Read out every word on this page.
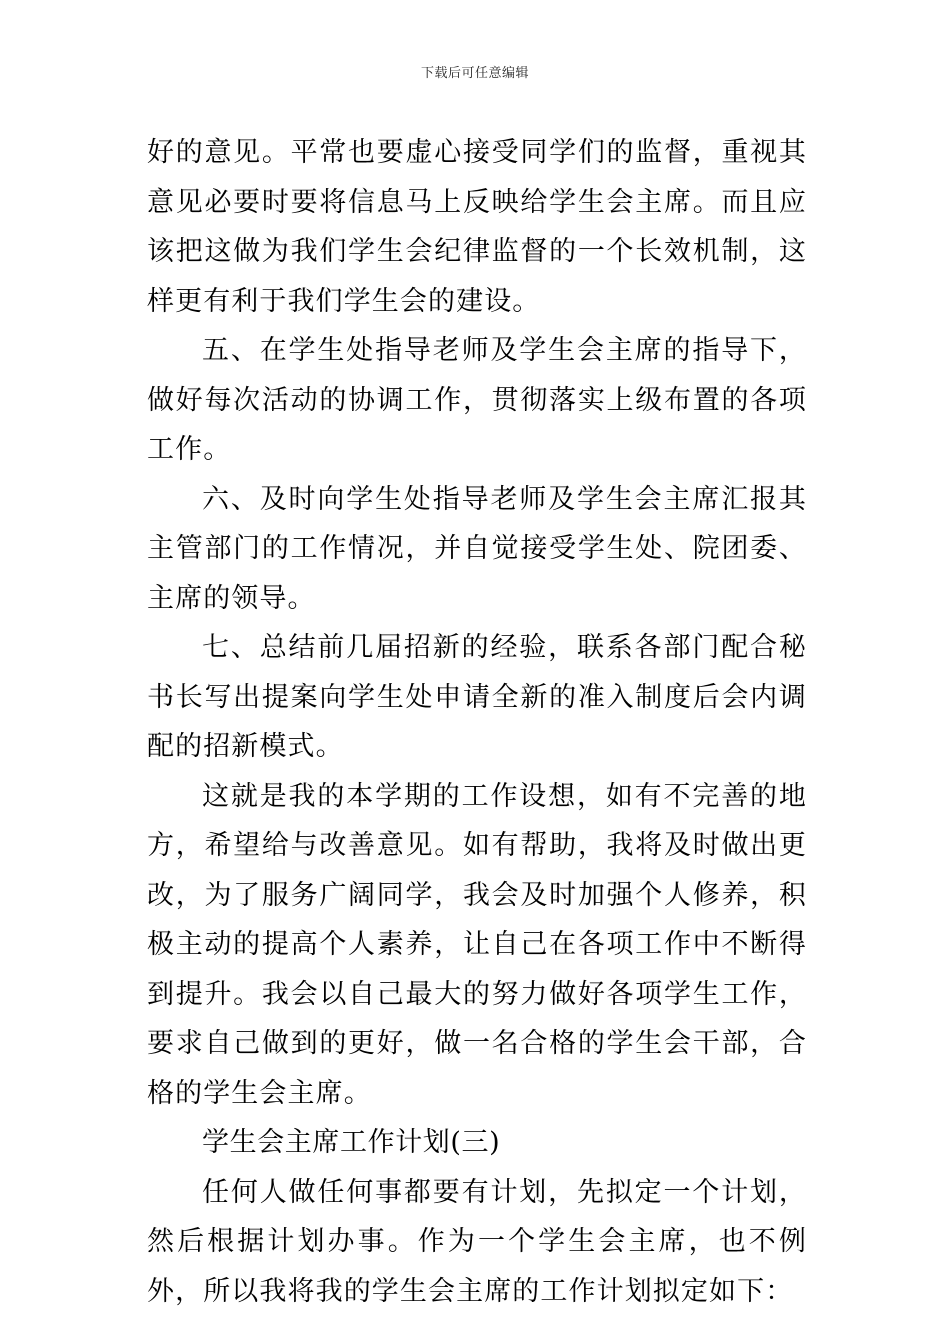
下载后可任意编辑

好的意见。平常也要虚心接受同学们的监督，重视其意见必要时要将信息马上反映给学生会主席。而且应该把这做为我们学生会纪律监督的一个长效机制，这样更有利于我们学生会的建设。

五、在学生处指导老师及学生会主席的指导下，做好每次活动的协调工作，贯彻落实上级布置的各项工作。

六、及时向学生处指导老师及学生会主席汇报其主管部门的工作情况，并自觉接受学生处、院团委、主席的领导。

七、总结前几届招新的经验，联系各部门配合秘书长写出提案向学生处申请全新的准入制度后会内调配的招新模式。

这就是我的本学期的工作设想，如有不完善的地方，希望给与改善意见。如有帮助，我将及时做出更改，为了服务广阔同学，我会及时加强个人修养，积极主动的提高个人素养，让自己在各项工作中不断得到提升。我会以自己最大的努力做好各项学生工作，要求自己做到的更好，做一名合格的学生会干部，合格的学生会主席。

学生会主席工作计划(三)

任何人做任何事都要有计划，先拟定一个计划，然后根据计划办事。作为一个学生会主席，也不例外，所以我将我的学生会主席的工作计划拟定如下：
